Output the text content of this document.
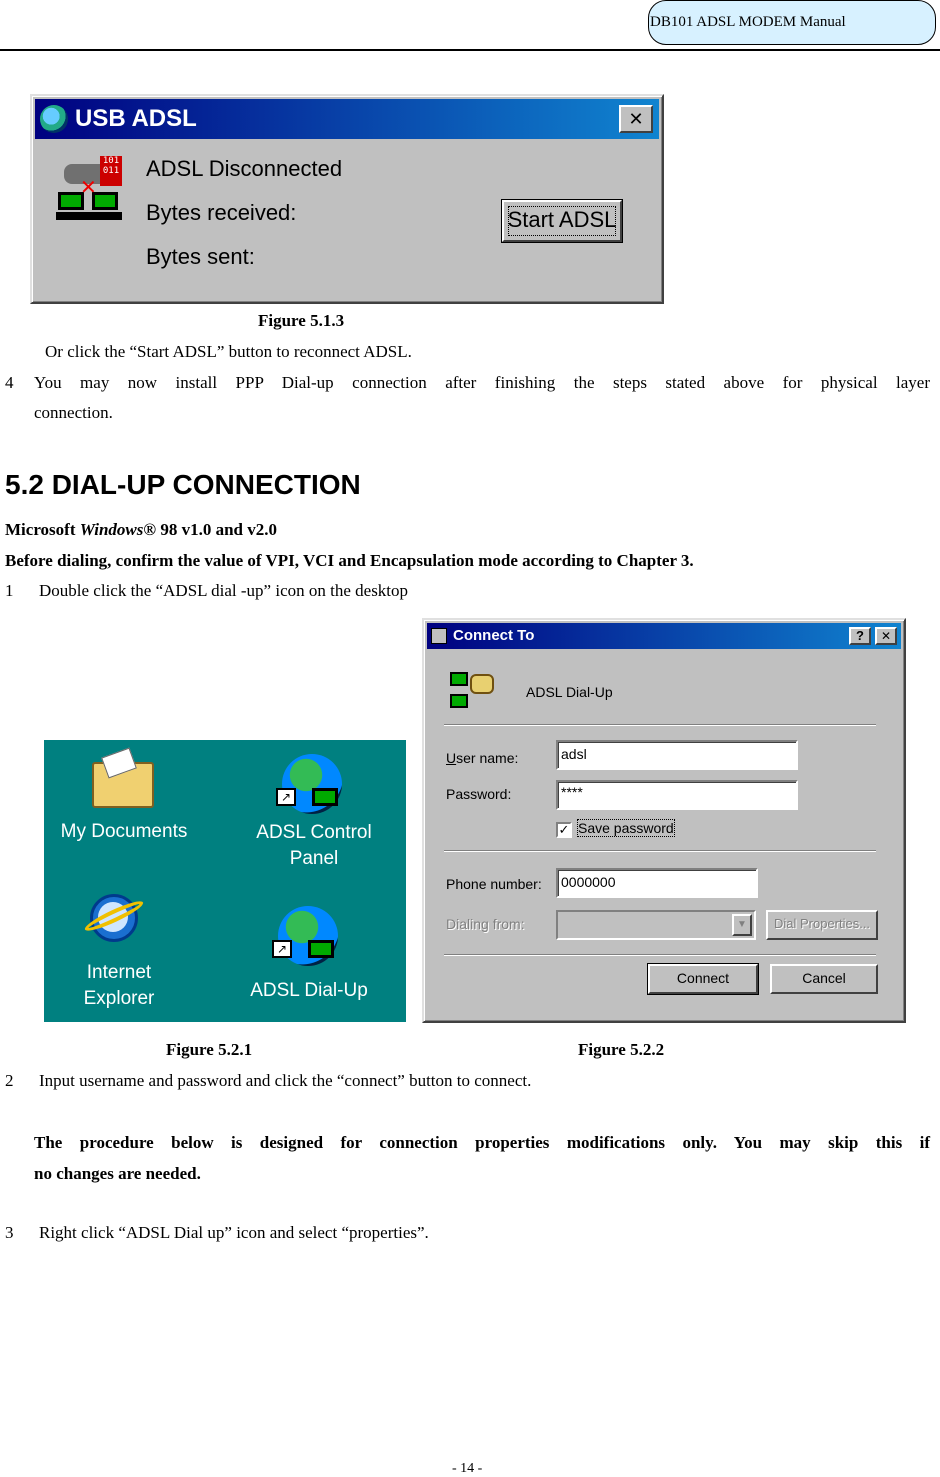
DB101 ADSL MODEM Manual
USB ADSL	✕
101
011
✕
ADSL Disconnected
Bytes received:
Bytes sent:
Start ADSL
Figure 5.1.3
Or click the “Start ADSL” button to reconnect ADSL.
4 You may now install PPP Dial-up connection after finishing the steps stated above for physical layer
connection.
5.2 DIAL-UP CONNECTION
Microsoft Windows® 98 v1.0 and v2.0
Before dialing, confirm the value of VPI, VCI and Encapsulation mode according to Chapter 3.
1 Double click the “ADSL dial -up” icon on the desktop
My Documents
↗
ADSL Control
Panel
Internet
Explorer
↗
ADSL Dial-Up
Connect To	?	✕
ADSL Dial-Up
User name:	adsl
Password:	****
✓ Save password
Phone number:	0000000
Dialing from:	▼	Dial Properties...
Connect	Cancel
Figure 5.2.1	Figure 5.2.2
2 Input username and password and click the “connect” button to connect.
The procedure below is designed for connection properties modifications only. You may skip this if
no changes are needed.
3 Right click “ADSL Dial up” icon and select “properties”.
- 14 -
